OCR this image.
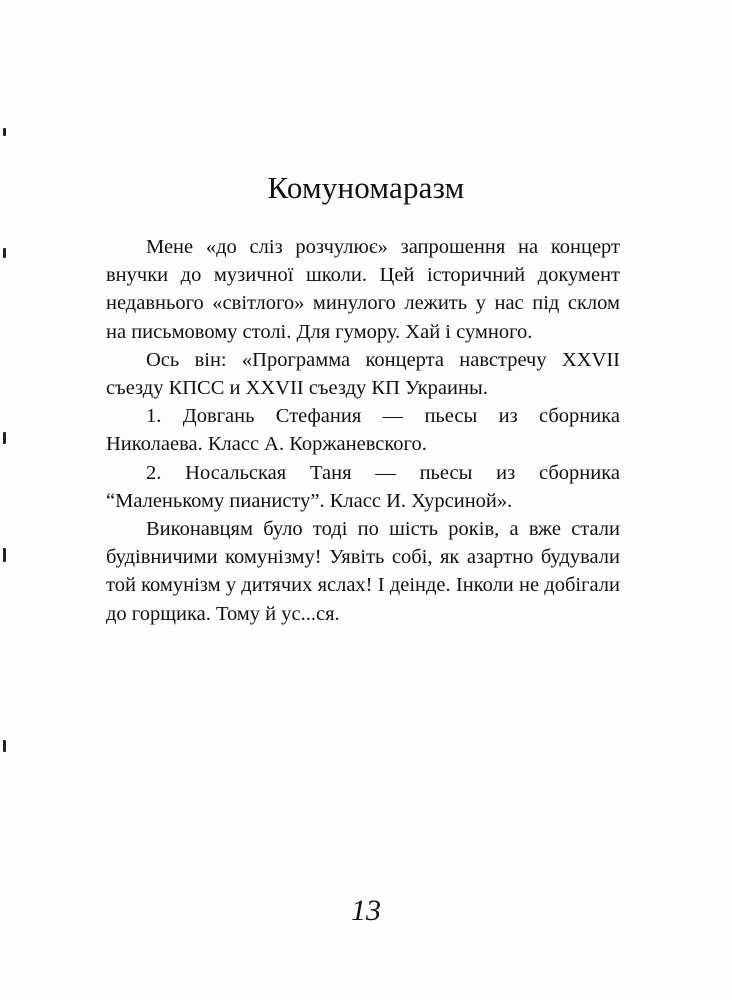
Комуномаразм

Мене «до сліз розчулює» запрошення на концерт внучки до музичної школи. Цей історичний документ недавнього «світлого» минулого лежить у нас під склом на письмовому столі. Для гумору. Хай і сумного.

Ось він: «Программа концерта навстречу XXVII съезду КПСС и XXVII съезду КП Украины.

1. Довгань Стефания — пьесы из сборника Николаева. Класс А. Коржаневского.

2. Носальская Таня — пьесы из сборника “Маленькому пианисту”. Класс И. Хурсиной».

Виконавцям було тоді по шість років, а вже стали будівничими комунізму! Уявіть собі, як азартно будували той комунізм у дитячих яслах! І деінде. Інколи не добігали до горщика. Тому й ус...ся.

13
